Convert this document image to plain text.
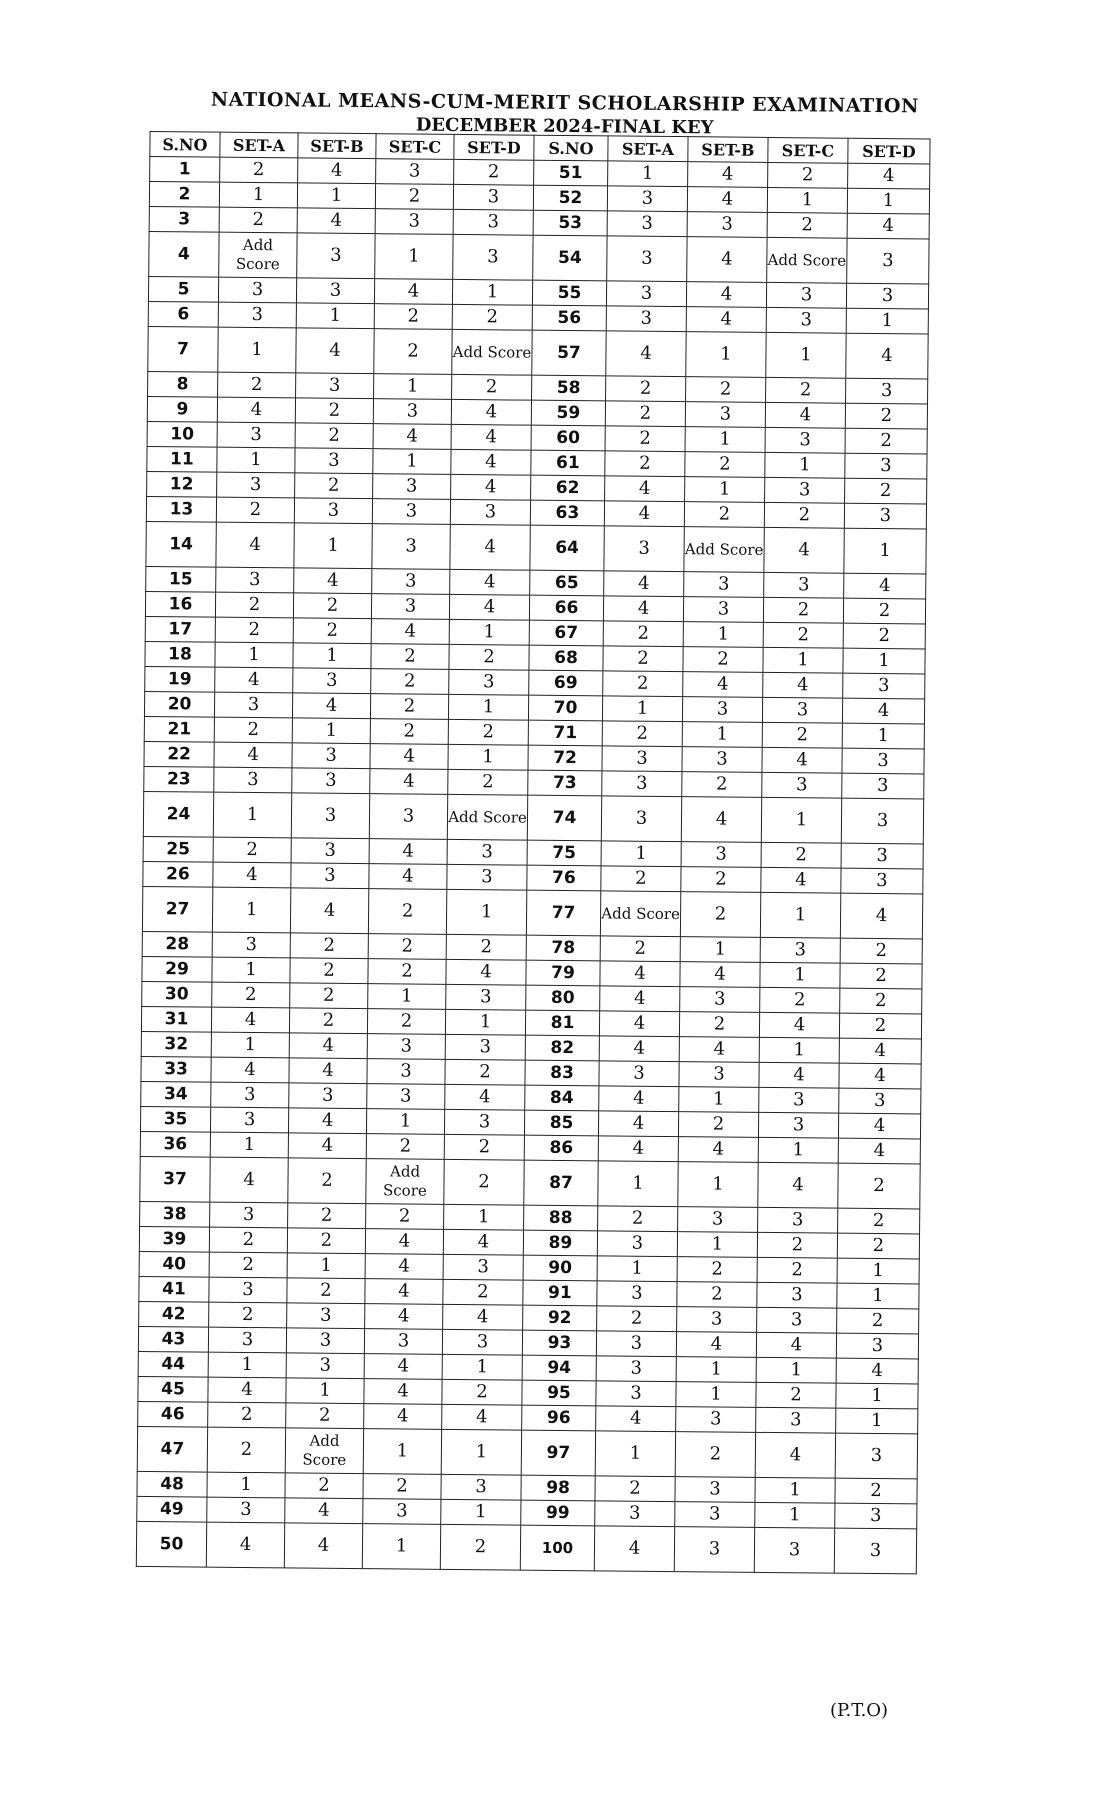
NATIONAL MEANS-CUM-MERIT SCHOLARSHIP EXAMINATION
DECEMBER 2024-FINAL KEY
S.NO	SET-A	SET-B	SET-C	SET-D	S.NO	SET-A	SET-B	SET-C	SET-D
1	2	4	3	2	51	1	4	2	4
2	1	1	2	3	52	3	4	1	1
3	2	4	3	3	53	3	3	2	4
4	Add Score	3	1	3	54	3	4	Add Score	3
5	3	3	4	1	55	3	4	3	3
6	3	1	2	2	56	3	4	3	1
7	1	4	2	Add Score	57	4	1	1	4
8	2	3	1	2	58	2	2	2	3
9	4	2	3	4	59	2	3	4	2
10	3	2	4	4	60	2	1	3	2
11	1	3	1	4	61	2	2	1	3
12	3	2	3	4	62	4	1	3	2
13	2	3	3	3	63	4	2	2	3
14	4	1	3	4	64	3	Add Score	4	1
15	3	4	3	4	65	4	3	3	4
16	2	2	3	4	66	4	3	2	2
17	2	2	4	1	67	2	1	2	2
18	1	1	2	2	68	2	2	1	1
19	4	3	2	3	69	2	4	4	3
20	3	4	2	1	70	1	3	3	4
21	2	1	2	2	71	2	1	2	1
22	4	3	4	1	72	3	3	4	3
23	3	3	4	2	73	3	2	3	3
24	1	3	3	Add Score	74	3	4	1	3
25	2	3	4	3	75	1	3	2	3
26	4	3	4	3	76	2	2	4	3
27	1	4	2	1	77	Add Score	2	1	4
28	3	2	2	2	78	2	1	3	2
29	1	2	2	4	79	4	4	1	2
30	2	2	1	3	80	4	3	2	2
31	4	2	2	1	81	4	2	4	2
32	1	4	3	3	82	4	4	1	4
33	4	4	3	2	83	3	3	4	4
34	3	3	3	4	84	4	1	3	3
35	3	4	1	3	85	4	2	3	4
36	1	4	2	2	86	4	4	1	4
37	4	2	Add Score	2	87	1	1	4	2
38	3	2	2	1	88	2	3	3	2
39	2	2	4	4	89	3	1	2	2
40	2	1	4	3	90	1	2	2	1
41	3	2	4	2	91	3	2	3	1
42	2	3	4	4	92	2	3	3	2
43	3	3	3	3	93	3	4	4	3
44	1	3	4	1	94	3	1	1	4
45	4	1	4	2	95	3	1	2	1
46	2	2	4	4	96	4	3	3	1
47	2	Add Score	1	1	97	1	2	4	3
48	1	2	2	3	98	2	3	1	2
49	3	4	3	1	99	3	3	1	3
50	4	4	1	2	100	4	3	3	3
(P.T.O)
